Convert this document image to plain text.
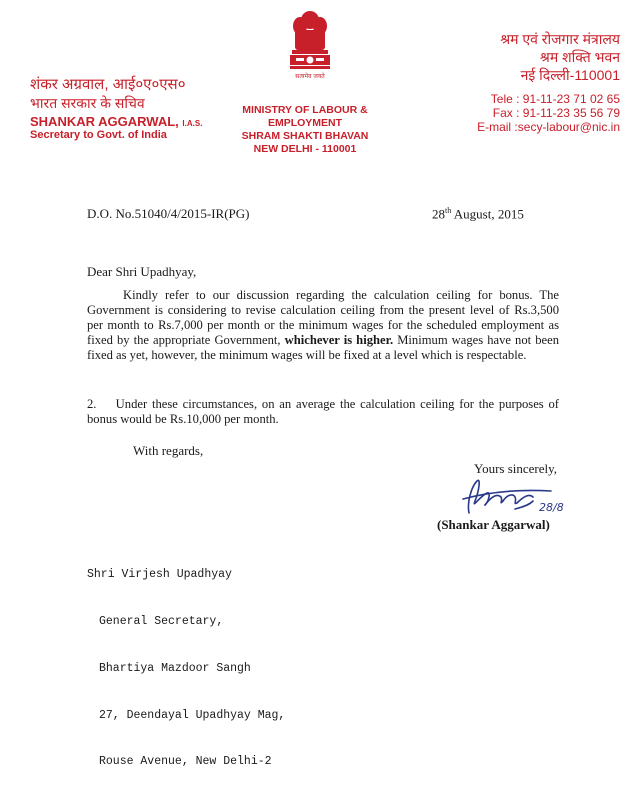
शंकर अग्रवाल, आई०ए०एस०
भारत सरकार के सचिव
SHANKAR AGGARWAL, I.A.S.
Secretary to Govt. of India
सत्यमेव जयते
MINISTRY OF LABOUR & EMPLOYMENT
SHRAM SHAKTI BHAVAN
NEW DELHI - 110001
श्रम एवं रोजगार मंत्रालय
श्रम शक्ति भवन
नई दिल्ली-110001
Tele : 91-11-23 71 02 65
Fax : 91-11-23 35 56 79
E-mail :secy-labour@nic.in
D.O. No.51040/4/2015-IR(PG)	28th August, 2015
Dear Shri Upadhyay,
Kindly refer to our discussion regarding the calculation ceiling for bonus. The Government is considering to revise calculation ceiling from the present level of Rs.3,500 per month to Rs.7,000 per month or the minimum wages for the scheduled employment as fixed by the appropriate Government, whichever is higher. Minimum wages have not been fixed as yet, however, the minimum wages will be fixed at a level which is respectable.
2. Under these circumstances, on an average the calculation ceiling for the purposes of bonus would be Rs.10,000 per month.
With regards,
Yours sincerely,
28/8
(Shankar Aggarwal)

Shri Virjesh Upadhyay

General Secretary,

Bhartiya Mazdoor Sangh

27, Deendayal Upadhyay Mag,

Rouse Avenue, New Delhi-2
